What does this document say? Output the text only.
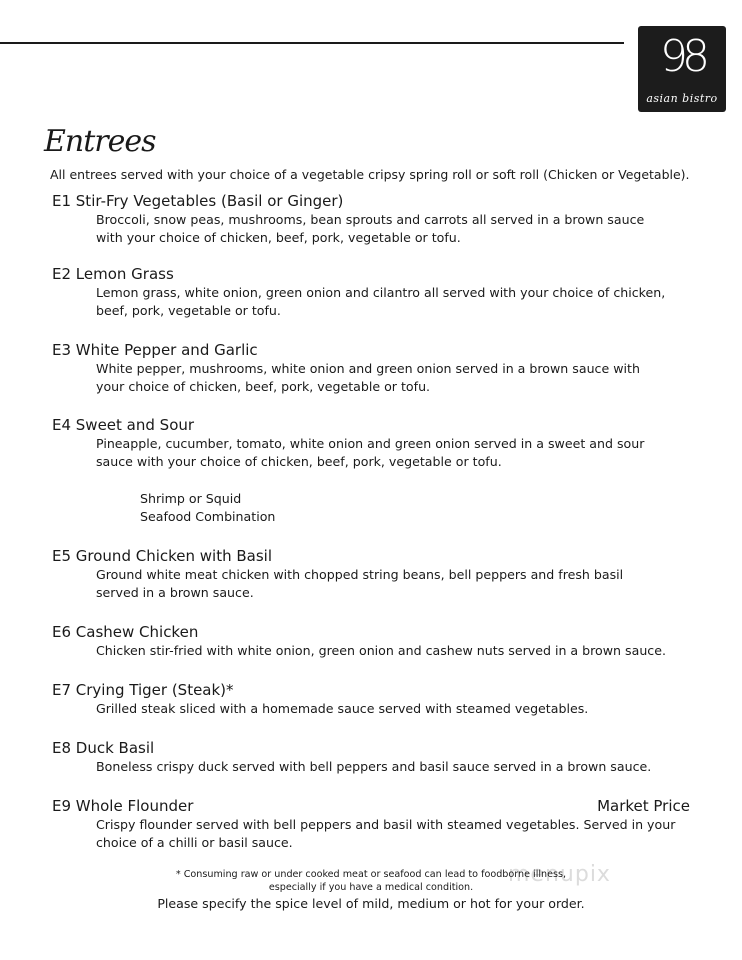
98
asian bistro
Entrees
All entrees served with your choice of a vegetable cripsy spring roll or soft roll (Chicken or Vegetable).
E1 Stir-Fry Vegetables (Basil or Ginger)
Broccoli, snow peas, mushrooms, bean sprouts and carrots all served in a brown sauce
with your choice of chicken, beef, pork, vegetable or tofu.
E2 Lemon Grass
Lemon grass, white onion, green onion and cilantro all served with your choice of chicken,
beef, pork, vegetable or tofu.
E3 White Pepper and Garlic
White pepper, mushrooms, white onion and green onion served in a brown sauce with
your choice of chicken, beef, pork, vegetable or tofu.
E4 Sweet and Sour
Pineapple, cucumber, tomato, white onion and green onion served in a sweet and sour
sauce with your choice of chicken, beef, pork, vegetable or tofu.
Shrimp or Squid
Seafood Combination
E5 Ground Chicken with Basil
Ground white meat chicken with chopped string beans, bell peppers and fresh basil
served in a brown sauce.
E6 Cashew Chicken
Chicken stir-fried with white onion, green onion and cashew nuts served in a brown sauce.
E7 Crying Tiger (Steak)*
Grilled steak sliced with a homemade sauce served with steamed vegetables.
E8 Duck Basil
Boneless crispy duck served with bell peppers and basil sauce served in a brown sauce.
E9 Whole Flounder	Market Price
Crispy flounder served with bell peppers and basil with steamed vegetables. Served in your
choice of a chilli or basil sauce.
menupix
* Consuming raw or under cooked meat or seafood can lead to foodborne illness,
especially if you have a medical condition.
Please specify the spice level of mild, medium or hot for your order.
